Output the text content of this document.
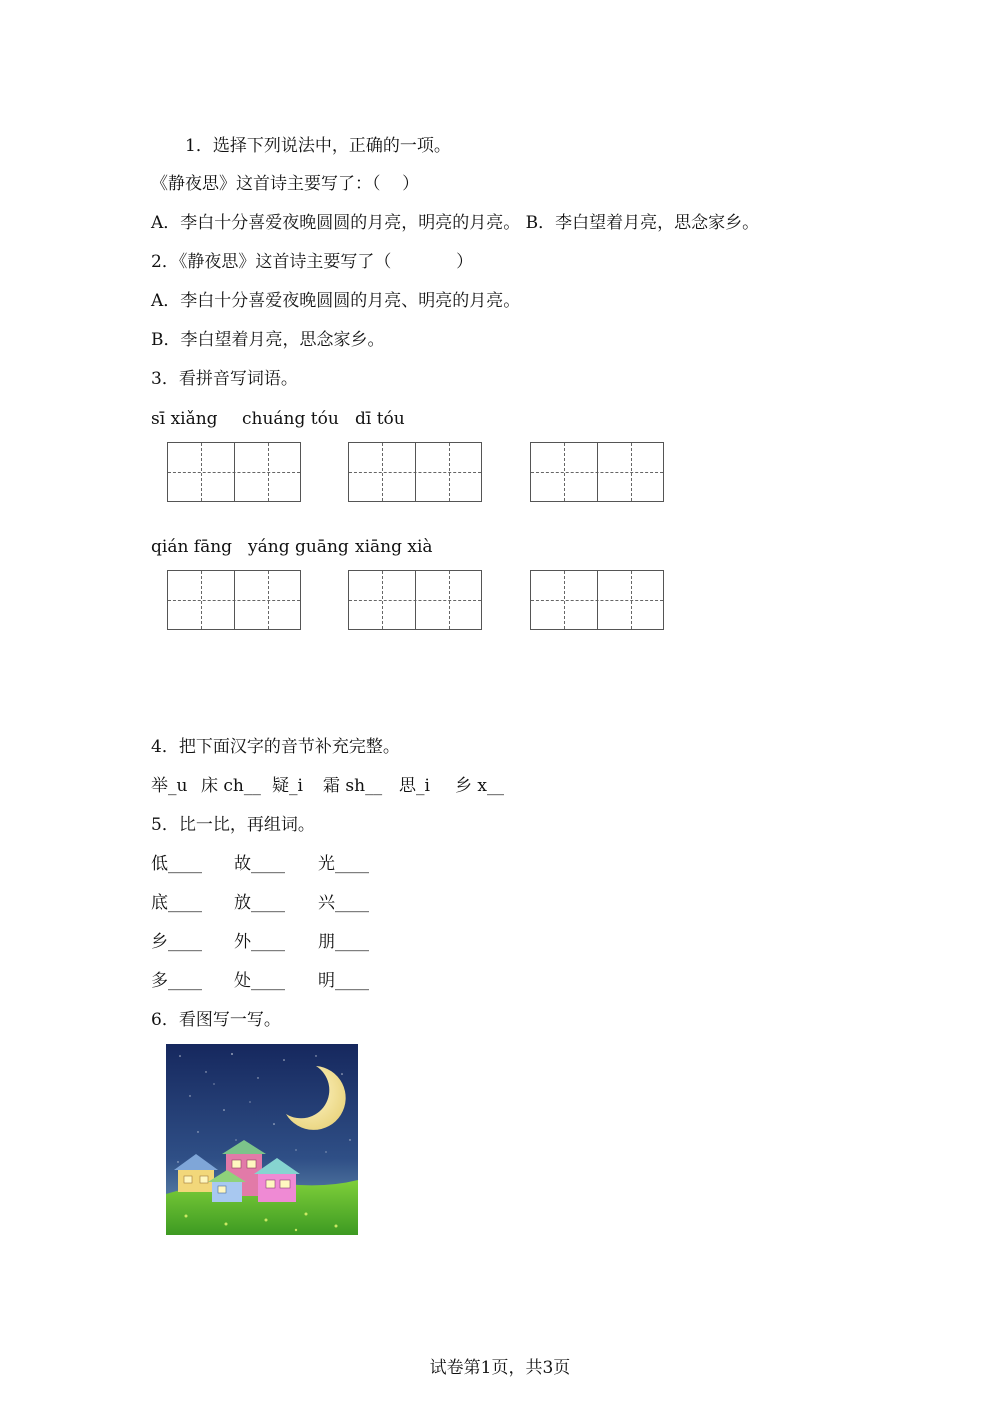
1．选择下列说法中，正确的一项。
《静夜思》这首诗主要写了：（    ）
A．李白十分喜爱夜晚圆圆的月亮，明亮的月亮。 B．李白望着月亮，思念家乡。
2．《静夜思》这首诗主要写了（            ）
A．李白十分喜爱夜晚圆圆的月亮、明亮的月亮。
B．李白望着月亮，思念家乡。
3．看拼音写词语。
sī xiǎng chuáng tóu dī tóu
qián fāng yáng guāng xiāng xià
4．把下面汉字的音节补充完整。
举_u 床 ch__ 疑_i 霜 sh__ 思_i 乡 x__
5．比一比，再组词。
低____ 故____ 光____
底____ 放____ 兴____
乡____ 外____ 朋____
多____ 处____ 明____
6．看图写一写。
试卷第1页，共3页
